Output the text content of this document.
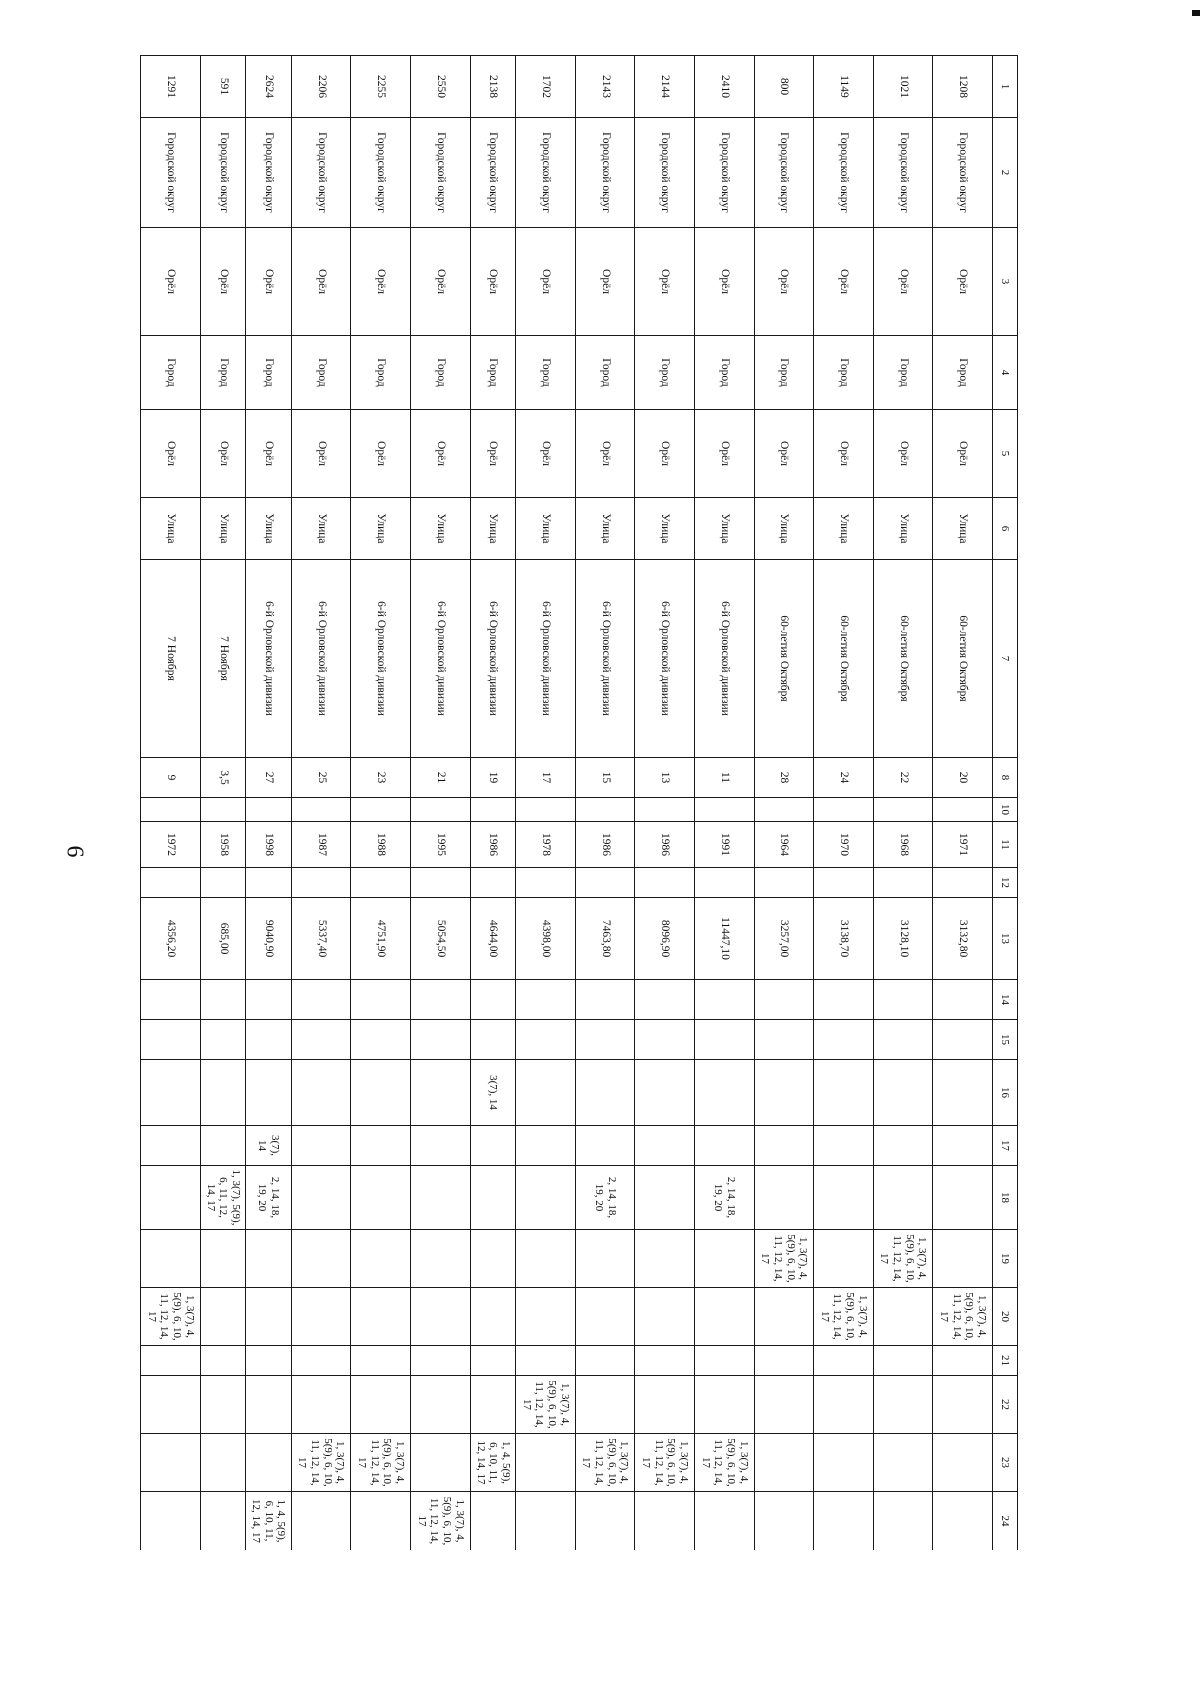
6
1	2	3	4	5	6	7	8	10	11	12	13	14	15	16	17	18	19	20	21	22	23	24
1208	Городской округ	Орёл	Город	Орёл	Улица	60-летия Октября	20		1971		3132,80							1, 3(7), 4, 5(9), 6, 10, 11, 12, 14, 17				
1021	Городской округ	Орёл	Город	Орёл	Улица	60-летия Октября	22		1968		3128,10						1, 3(7), 4, 5(9), 6, 10, 11, 12, 14, 17					
1149	Городской округ	Орёл	Город	Орёл	Улица	60-летия Октября	24		1970		3138,70							1, 3(7), 4, 5(9), 6, 10, 11, 12, 14, 17				
800	Городской округ	Орёл	Город	Орёл	Улица	60-летия Октября	28		1964		3257,00						1, 3(7), 4, 5(9), 6, 10, 11, 12, 14, 17					
2410	Городской округ	Орёл	Город	Орёл	Улица	6-й Орловской дивизии	11		1991		11447,10					2, 14, 18, 19, 20					1, 3(7), 4, 5(9), 6, 10, 11, 12, 14, 17	
2144	Городской округ	Орёл	Город	Орёл	Улица	6-й Орловской дивизии	13		1986		8096,90										1, 3(7), 4, 5(9), 6, 10, 11, 12, 14, 17	
2143	Городской округ	Орёл	Город	Орёл	Улица	6-й Орловской дивизии	15		1986		7463,80					2, 14, 18, 19, 20					1, 3(7), 4, 5(9), 6, 10, 11, 12, 14, 17	
1702	Городской округ	Орёл	Город	Орёл	Улица	6-й Орловской дивизии	17		1978		4398,00									1, 3(7), 4, 5(9), 6, 10, 11, 12, 14, 17		
2138	Городской округ	Орёл	Город	Орёл	Улица	6-й Орловской дивизии	19		1986		4644,00			3(7), 14							1, 4, 5(9), 6, 10, 11, 12, 14, 17	
2550	Городской округ	Орёл	Город	Орёл	Улица	6-й Орловской дивизии	21		1995		5054,50											1, 3(7), 4, 5(9), 6, 10, 11, 12, 14, 17
2255	Городской округ	Орёл	Город	Орёл	Улица	6-й Орловской дивизии	23		1988		4751,90										1, 3(7), 4, 5(9), 6, 10, 11, 12, 14, 17	
2206	Городской округ	Орёл	Город	Орёл	Улица	6-й Орловской дивизии	25		1987		5337,40										1, 3(7), 4, 5(9), 6, 10, 11, 12, 14, 17	
2624	Городской округ	Орёл	Город	Орёл	Улица	6-й Орловской дивизии	27		1998		9040,90				3(7), 14	2, 14, 18, 19, 20						1, 4, 5(9), 6, 10, 11, 12, 14, 17
591	Городской округ	Орёл	Город	Орёл	Улица	7 Ноября	3,5		1958		685,00					1, 3(7), 5(9), 6, 11, 12, 14, 17						
1291	Городской округ	Орёл	Город	Орёл	Улица	7 Ноября	9		1972		4356,20							1, 3(7), 4, 5(9), 6, 10, 11, 12, 14, 17				
